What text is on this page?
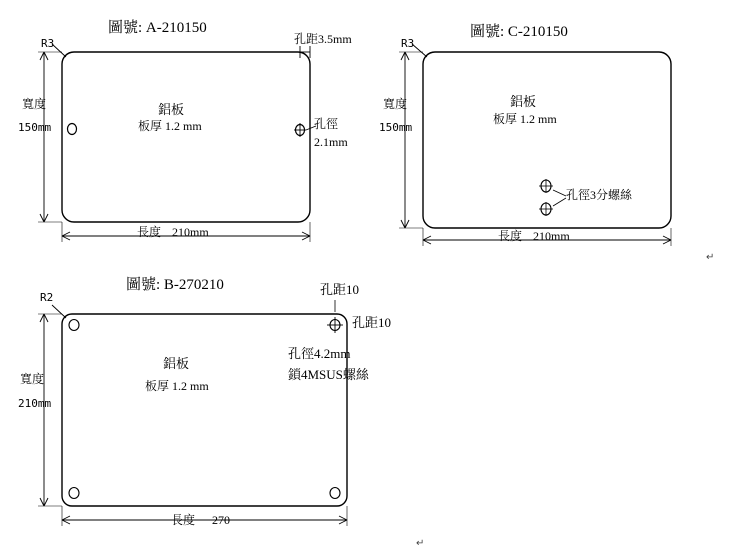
圖號: A-210150
R3	孔距3.5mm
寬度
150mm
鋁板
板厚 1.2 mm	孔徑
2.1mm
長度 210mm
圖號: C-210150
R3
寬度
150mm
鋁板
板厚 1.2 mm
孔徑3分螺絲
長度 210mm
圖號: B-270210
R2
孔距10
孔距10
孔徑4.2mm
鎖4MSUS螺絲
寬度
210mm
鋁板
板厚 1.2 mm
長度 270
↵
↵
